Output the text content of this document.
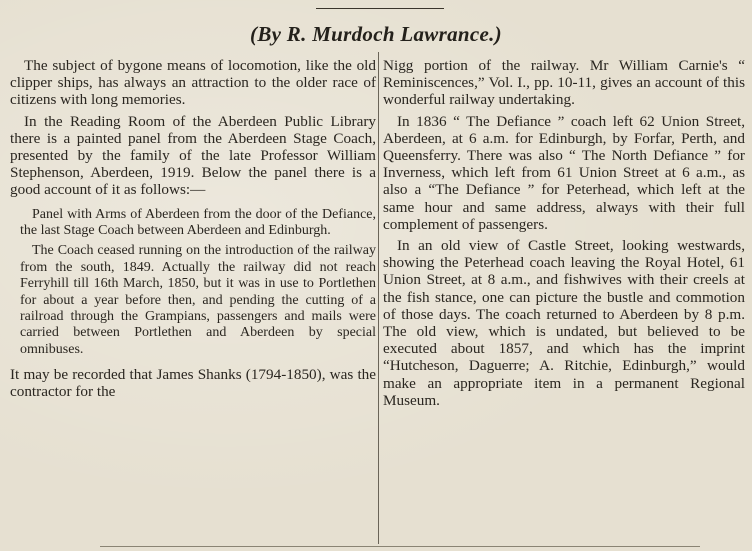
(By R. Murdoch Lawrance.)

The subject of bygone means of locomotion, like the old clipper ships, has always an attraction to the older race of citizens with long memories.

In the Reading Room of the Aberdeen Public Library there is a painted panel from the Aberdeen Stage Coach, presented by the family of the late Professor William Stephenson, Aberdeen, 1919. Below the panel there is a good account of it as follows:—

Panel with Arms of Aberdeen from the door of the Defiance, the last Stage Coach between Aberdeen and Edinburgh.

The Coach ceased running on the introduction of the railway from the south, 1849. Actually the railway did not reach Ferryhill till 16th March, 1850, but it was in use to Portlethen for about a year before then, and pending the cutting of a railroad through the Grampians, passengers and mails were carried between Portlethen and Aberdeen by special omnibuses.

It may be recorded that James Shanks (1794-1850), was the contractor for the

Nigg portion of the railway. Mr William Carnie's “ Reminiscences,” Vol. I., pp. 10-11, gives an account of this wonderful railway undertaking.

In 1836 “ The Defiance ” coach left 62 Union Street, Aberdeen, at 6 a.m. for Edinburgh, by Forfar, Perth, and Queensferry. There was also “ The North Defiance ” for Inverness, which left from 61 Union Street at 6 a.m., as also a “The Defiance ” for Peterhead, which left at the same hour and same address, always with their full complement of passengers.

In an old view of Castle Street, looking westwards, showing the Peterhead coach leaving the Royal Hotel, 61 Union Street, at 8 a.m., and fishwives with their creels at the fish stance, one can picture the bustle and commotion of those days. The coach returned to Aberdeen by 8 p.m. The old view, which is undated, but believed to be executed about 1857, and which has the imprint “Hutcheson, Daguerre; A. Ritchie, Edinburgh,” would make an appropriate item in a permanent Regional Museum.
